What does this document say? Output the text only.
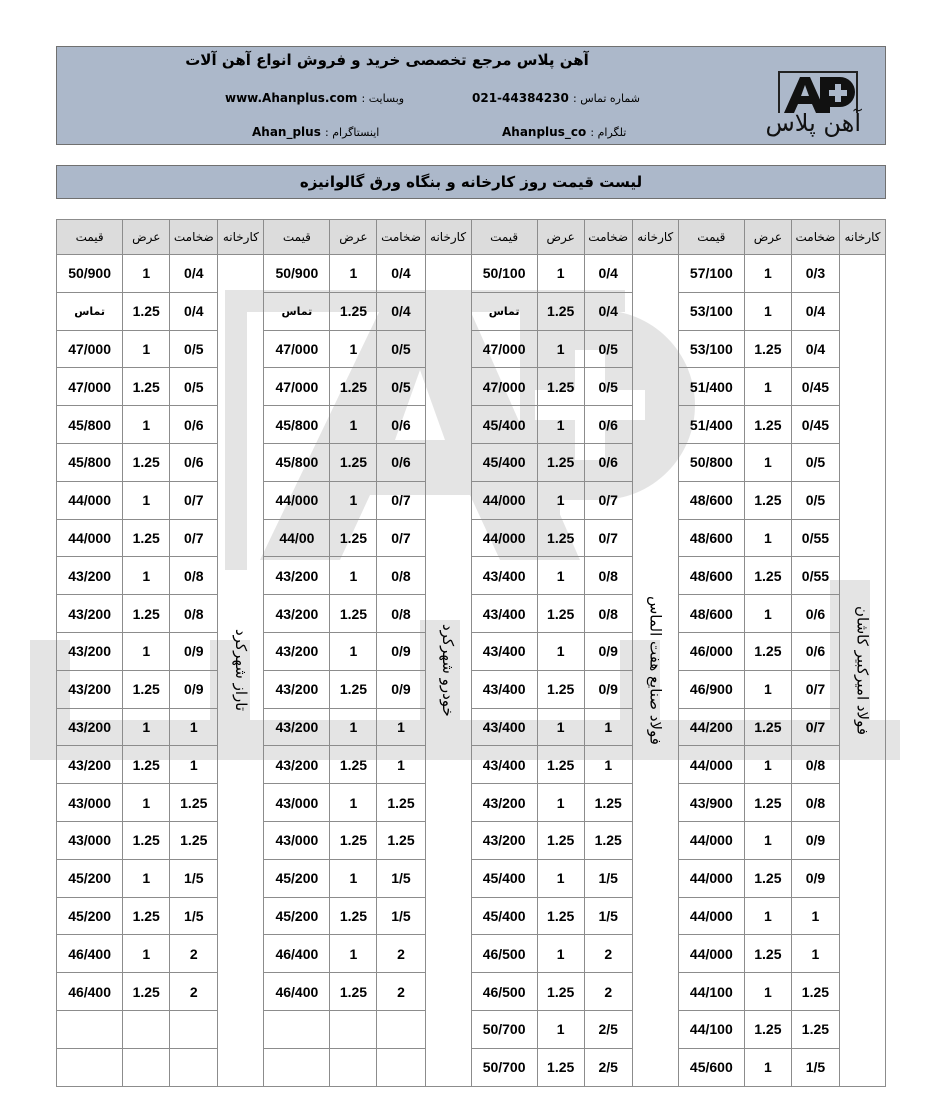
آهن پلاس مرجع تخصصی خرید و فروش انواع آهن آلات
شماره تماس : 021-44384230
وبسایت : www.Ahanplus.com
تلگرام : Ahanplus_co
اینستاگرام : Ahan_plus	آهن پلاس
لیست قیمت روز کارخانه و بنگاه ورق گالوانیزه
کارخانه	ضخامت	عرض	قیمت	کارخانه	ضخامت	عرض	قیمت	کارخانه	ضخامت	عرض	قیمت	کارخانه	ضخامت	عرض	قیمت
فولاد امیرکبیر کاشان	0/3	1	57/100	فولاد صنایع هفت الماس	0/4	1	50/100	خودرو شهرکرد	0/4	1	50/900	تاراز شهرکرد	0/4	1	50/900
	0/4	1	53/100		0/4	1.25	تماس		0/4	1.25	تماس		0/4	1.25	تماس
	0/4	1.25	53/100		0/5	1	47/000		0/5	1	47/000		0/5	1	47/000
	0/45	1	51/400		0/5	1.25	47/000		0/5	1.25	47/000		0/5	1.25	47/000
	0/45	1.25	51/400		0/6	1	45/400		0/6	1	45/800		0/6	1	45/800
	0/5	1	50/800		0/6	1.25	45/400		0/6	1.25	45/800		0/6	1.25	45/800
	0/5	1.25	48/600		0/7	1	44/000		0/7	1	44/000		0/7	1	44/000
	0/55	1	48/600		0/7	1.25	44/000		0/7	1.25	44/00		0/7	1.25	44/000
	0/55	1.25	48/600		0/8	1	43/400		0/8	1	43/200		0/8	1	43/200
	0/6	1	48/600		0/8	1.25	43/400		0/8	1.25	43/200		0/8	1.25	43/200
	0/6	1.25	46/000		0/9	1	43/400		0/9	1	43/200		0/9	1	43/200
	0/7	1	46/900		0/9	1.25	43/400		0/9	1.25	43/200		0/9	1.25	43/200
	0/7	1.25	44/200		1	1	43/400		1	1	43/200		1	1	43/200
	0/8	1	44/000		1	1.25	43/400		1	1.25	43/200		1	1.25	43/200
	0/8	1.25	43/900		1.25	1	43/200		1.25	1	43/000		1.25	1	43/000
	0/9	1	44/000		1.25	1.25	43/200		1.25	1.25	43/000		1.25	1.25	43/000
	0/9	1.25	44/000		1/5	1	45/400		1/5	1	45/200		1/5	1	45/200
	1	1	44/000		1/5	1.25	45/400		1/5	1.25	45/200		1/5	1.25	45/200
	1	1.25	44/000		2	1	46/500		2	1	46/400		2	1	46/400
	1.25	1	44/100		2	1.25	46/500		2	1.25	46/400		2	1.25	46/400
	1.25	1.25	44/100		2/5	1	50/700								
	1/5	1	45/600		2/5	1.25	50/700								
